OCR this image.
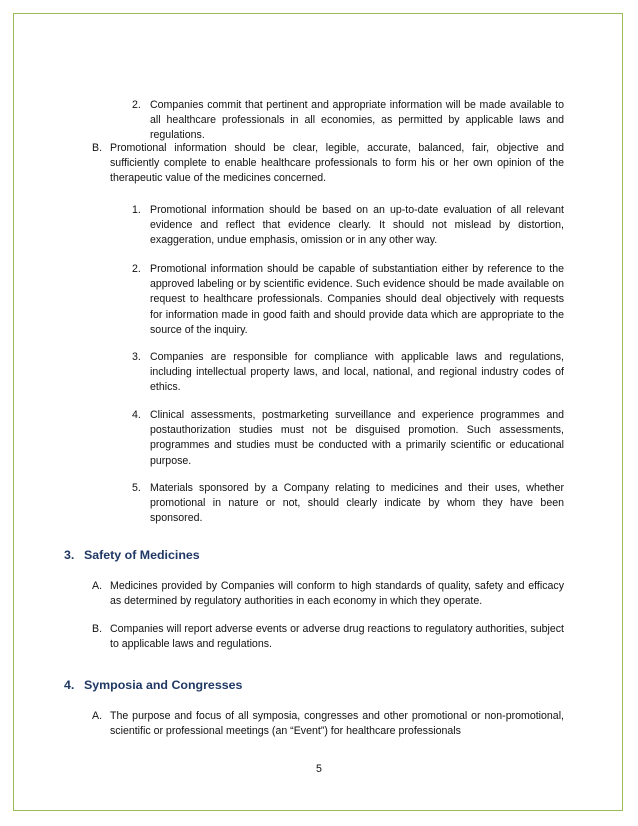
2. Companies commit that pertinent and appropriate information will be made available to all healthcare professionals in all economies, as permitted by applicable laws and regulations.

B. Promotional information should be clear, legible, accurate, balanced, fair, objective and sufficiently complete to enable healthcare professionals to form his or her own opinion of the therapeutic value of the medicines concerned.

1. Promotional information should be based on an up-to-date evaluation of all relevant evidence and reflect that evidence clearly. It should not mislead by distortion, exaggeration, undue emphasis, omission or in any other way.

2. Promotional information should be capable of substantiation either by reference to the approved labeling or by scientific evidence. Such evidence should be made available on request to healthcare professionals. Companies should deal objectively with requests for information made in good faith and should provide data which are appropriate to the source of the inquiry.

3. Companies are responsible for compliance with applicable laws and regulations, including intellectual property laws, and local, national, and regional industry codes of ethics.

4. Clinical assessments, postmarketing surveillance and experience programmes and postauthorization studies must not be disguised promotion. Such assessments, programmes and studies must be conducted with a primarily scientific or educational purpose.

5. Materials sponsored by a Company relating to medicines and their uses, whether promotional in nature or not, should clearly indicate by whom they have been sponsored.

3. Safety of Medicines
A. Medicines provided by Companies will conform to high standards of quality, safety and efficacy as determined by regulatory authorities in each economy in which they operate.

B. Companies will report adverse events or adverse drug reactions to regulatory authorities, subject to applicable laws and regulations.

4. Symposia and Congresses
A. The purpose and focus of all symposia, congresses and other promotional or non-promotional, scientific or professional meetings (an “Event”) for healthcare professionals

5
